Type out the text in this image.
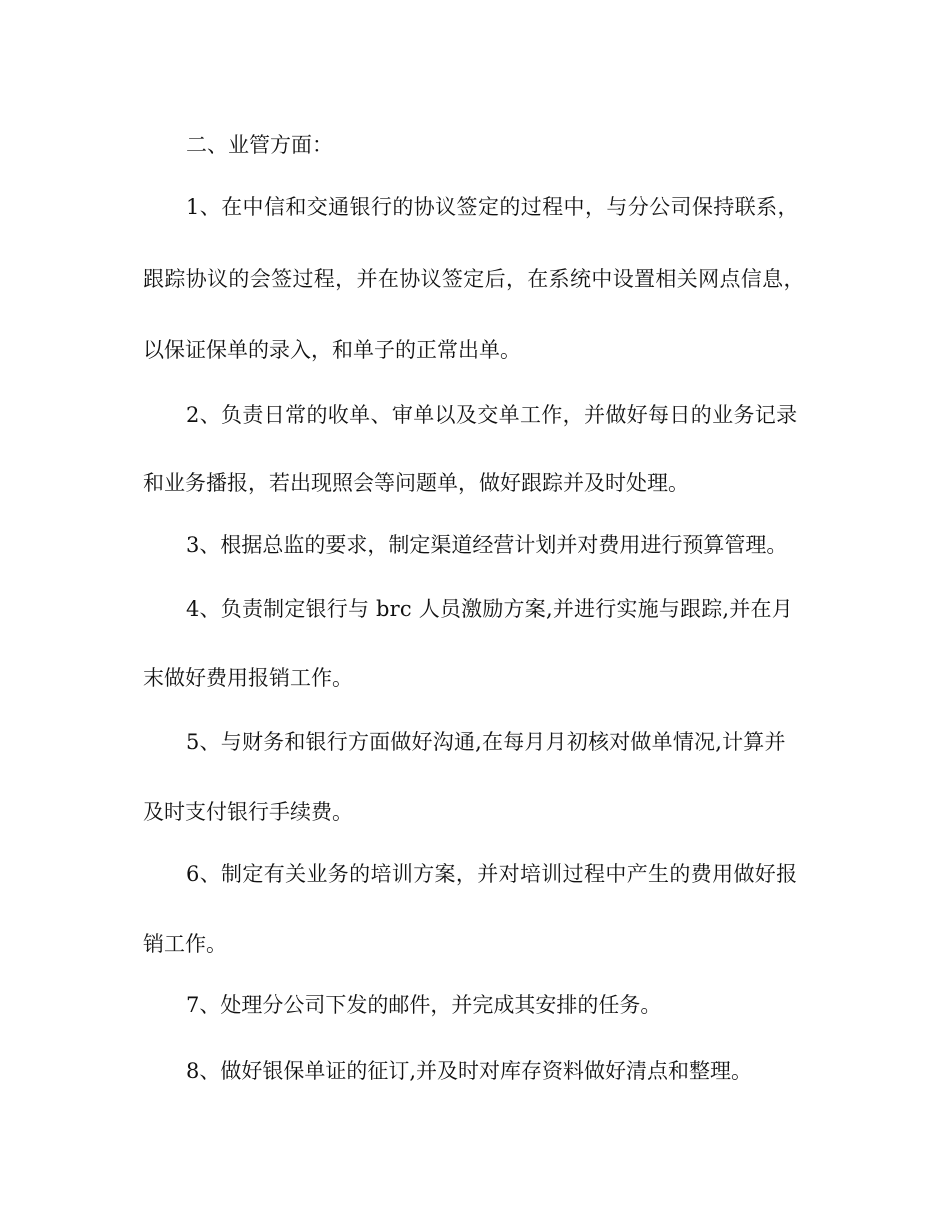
二、业管方面：
1、在中信和交通银行的协议签定的过程中，与分公司保持联系，
跟踪协议的会签过程，并在协议签定后，在系统中设置相关网点信息，
以保证保单的录入，和单子的正常出单。
2、负责日常的收单、审单以及交单工作，并做好每日的业务记录
和业务播报，若出现照会等问题单，做好跟踪并及时处理。
3、根据总监的要求，制定渠道经营计划并对费用进行预算管理。
4、负责制定银行与 brc 人员激励方案,并进行实施与跟踪,并在月
末做好费用报销工作。
5、与财务和银行方面做好沟通,在每月月初核对做单情况,计算并
及时支付银行手续费。
6、制定有关业务的培训方案，并对培训过程中产生的费用做好报
销工作。
7、处理分公司下发的邮件，并完成其安排的任务。
8、做好银保单证的征订,并及时对库存资料做好清点和整理。
